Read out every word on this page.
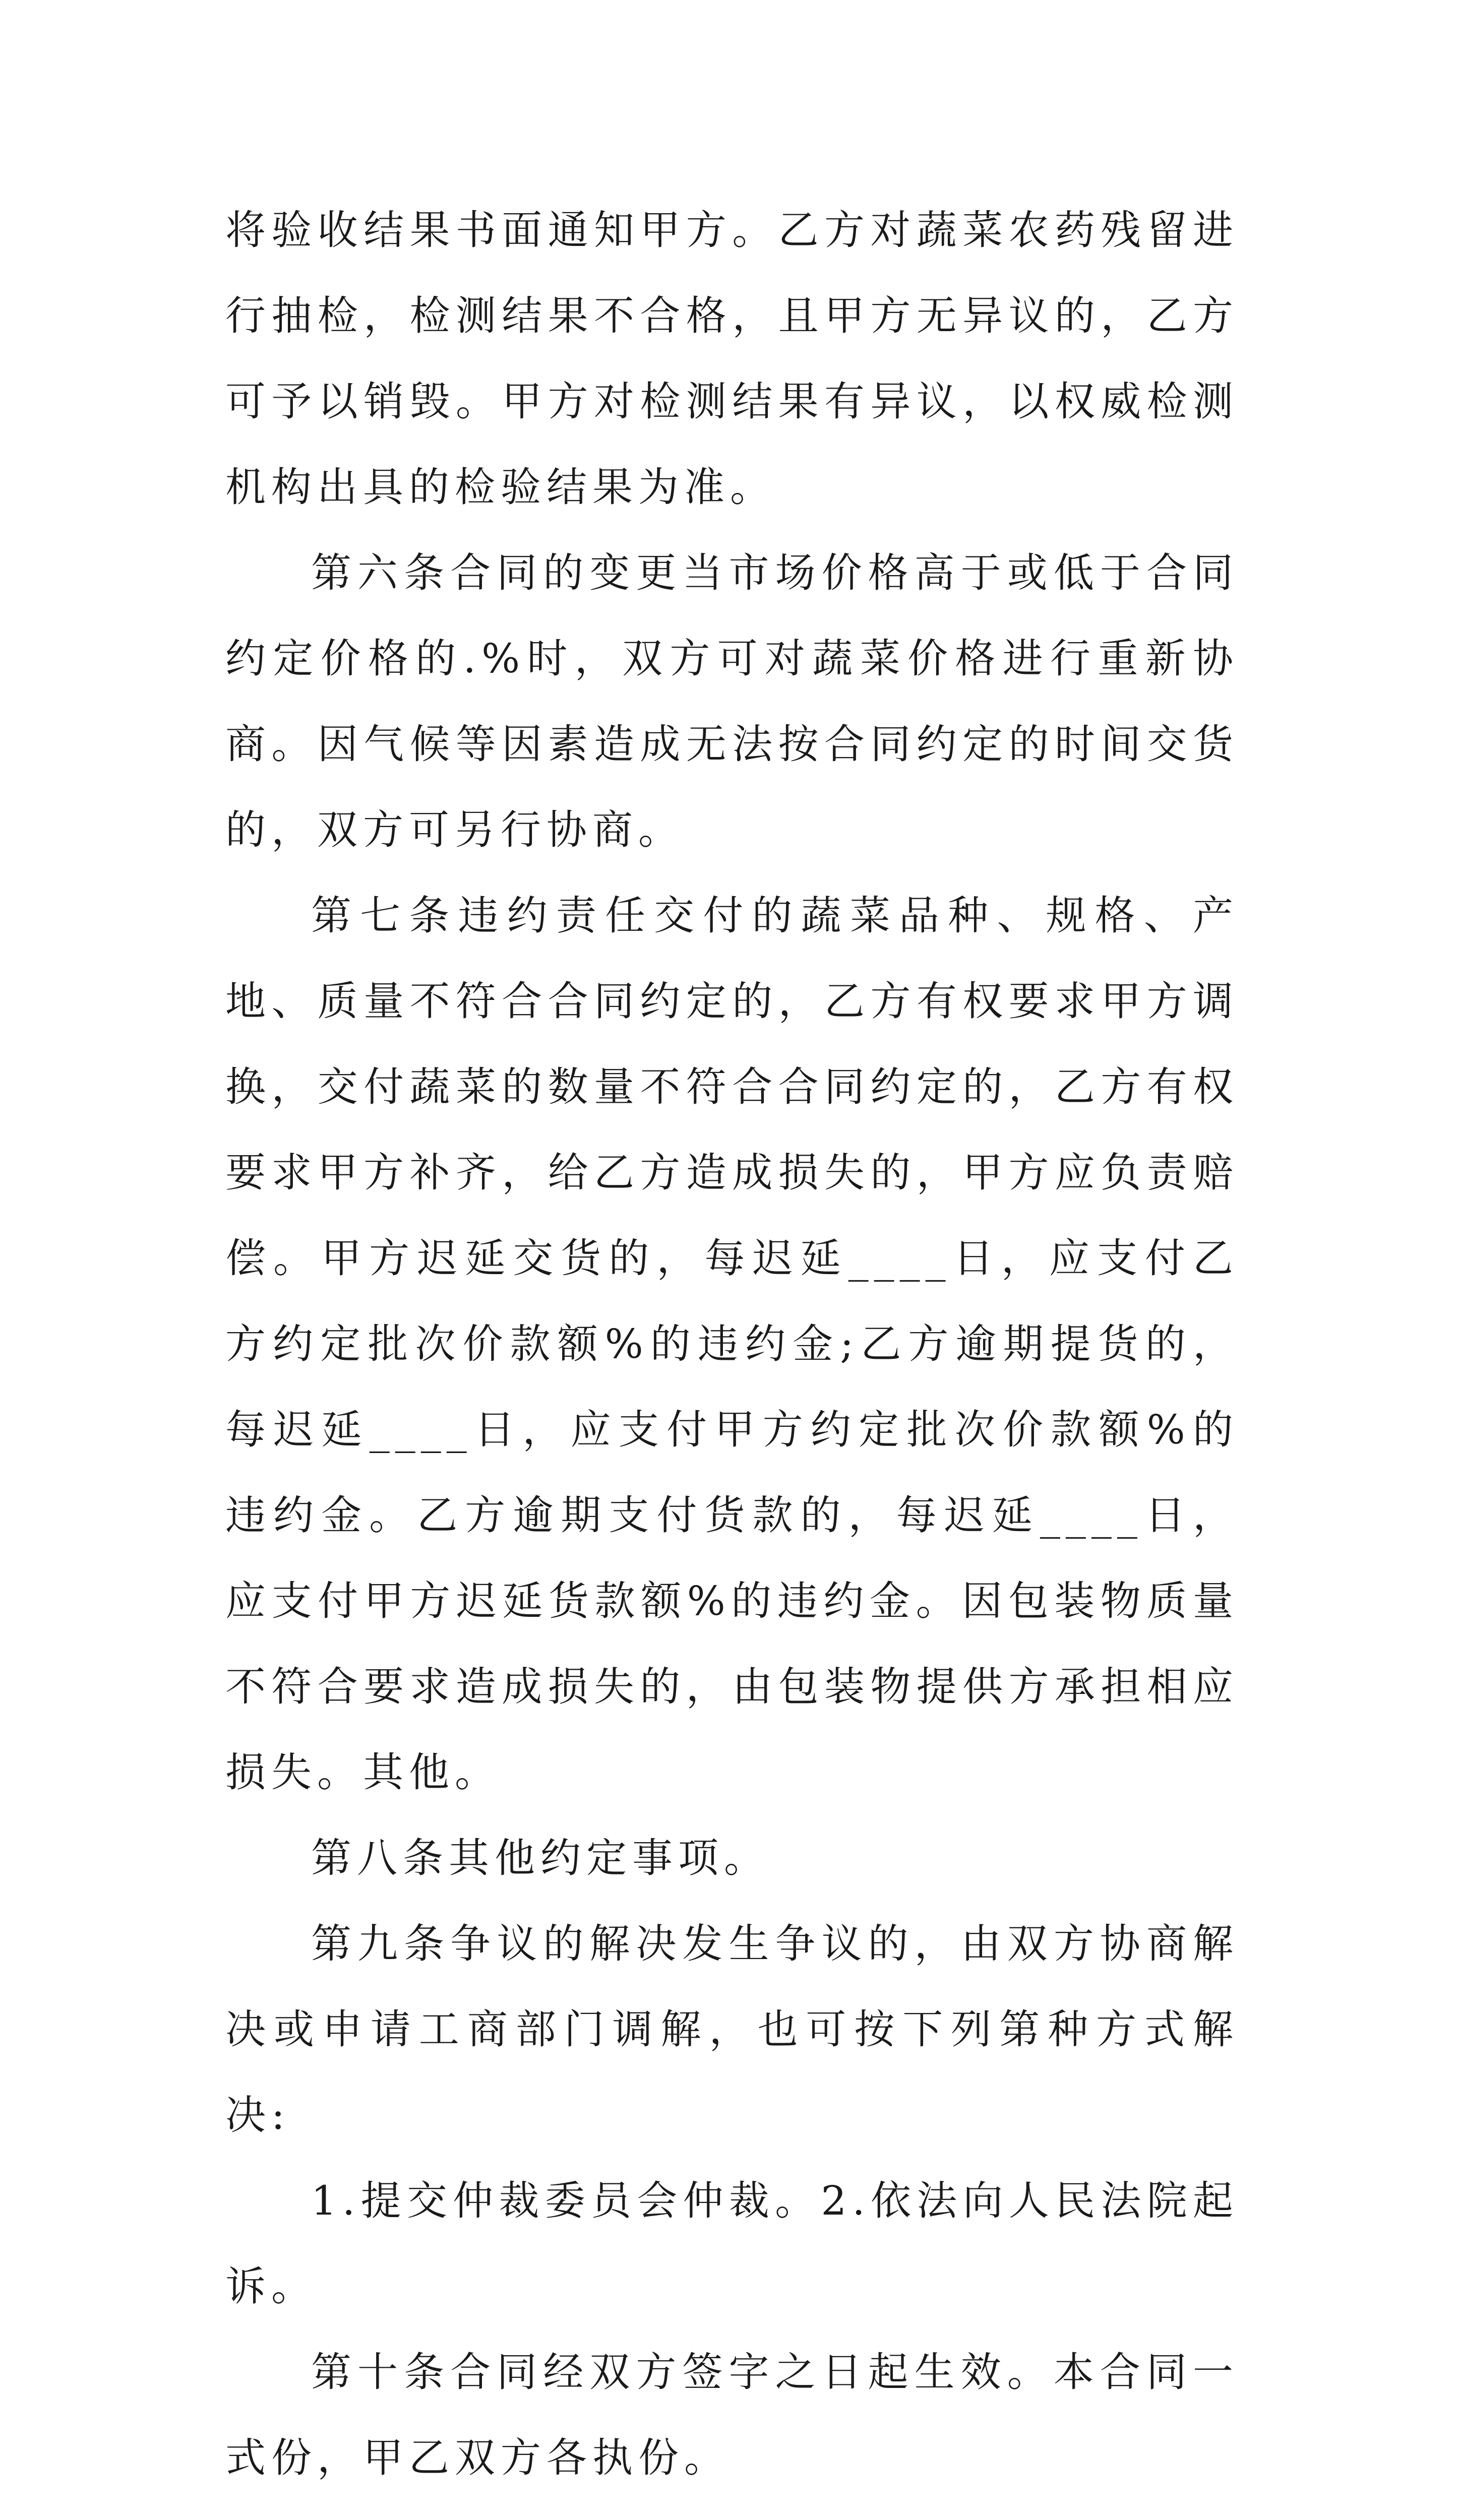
将验收结果书面通知甲方。乙方对蔬菜农药残留进行抽检，检测结果不合格，且甲方无异议的，乙方可予以销毁。甲方对检测结果有异议，以权威检测机构出具的检验结果为准。

第六条合同的变更当市场价格高于或低于合同约定价格的.%时，双方可对蔬菜价格进行重新协商。因气候等因素造成无法按合同约定的时间交货的，双方可另行协商。

第七条违约责任交付的蔬菜品种、规格、产地、质量不符合合同约定的，乙方有权要求甲方调换，交付蔬菜的数量不符合合同约定的，乙方有权要求甲方补齐，给乙方造成损失的，甲方应负责赔偿。甲方迟延交货的，每迟延____日，应支付乙方约定批次价款额%的违约金;乙方逾期提货的，每迟延____日，应支付甲方约定批次价款额%的违约金。乙方逾期支付货款的，每迟延____日，应支付甲方迟延货款额%的违约金。因包装物质量不符合要求造成损失的，由包装物提供方承担相应损失。其他。

第八条其他约定事项。

第九条争议的解决发生争议的，由双方协商解决或申请工商部门调解，也可按下列第种方式解决:

1.提交仲裁委员会仲裁。2.依法向人民法院起诉。

第十条合同经双方签字之日起生效。本合同一式份，甲乙双方各执份。
